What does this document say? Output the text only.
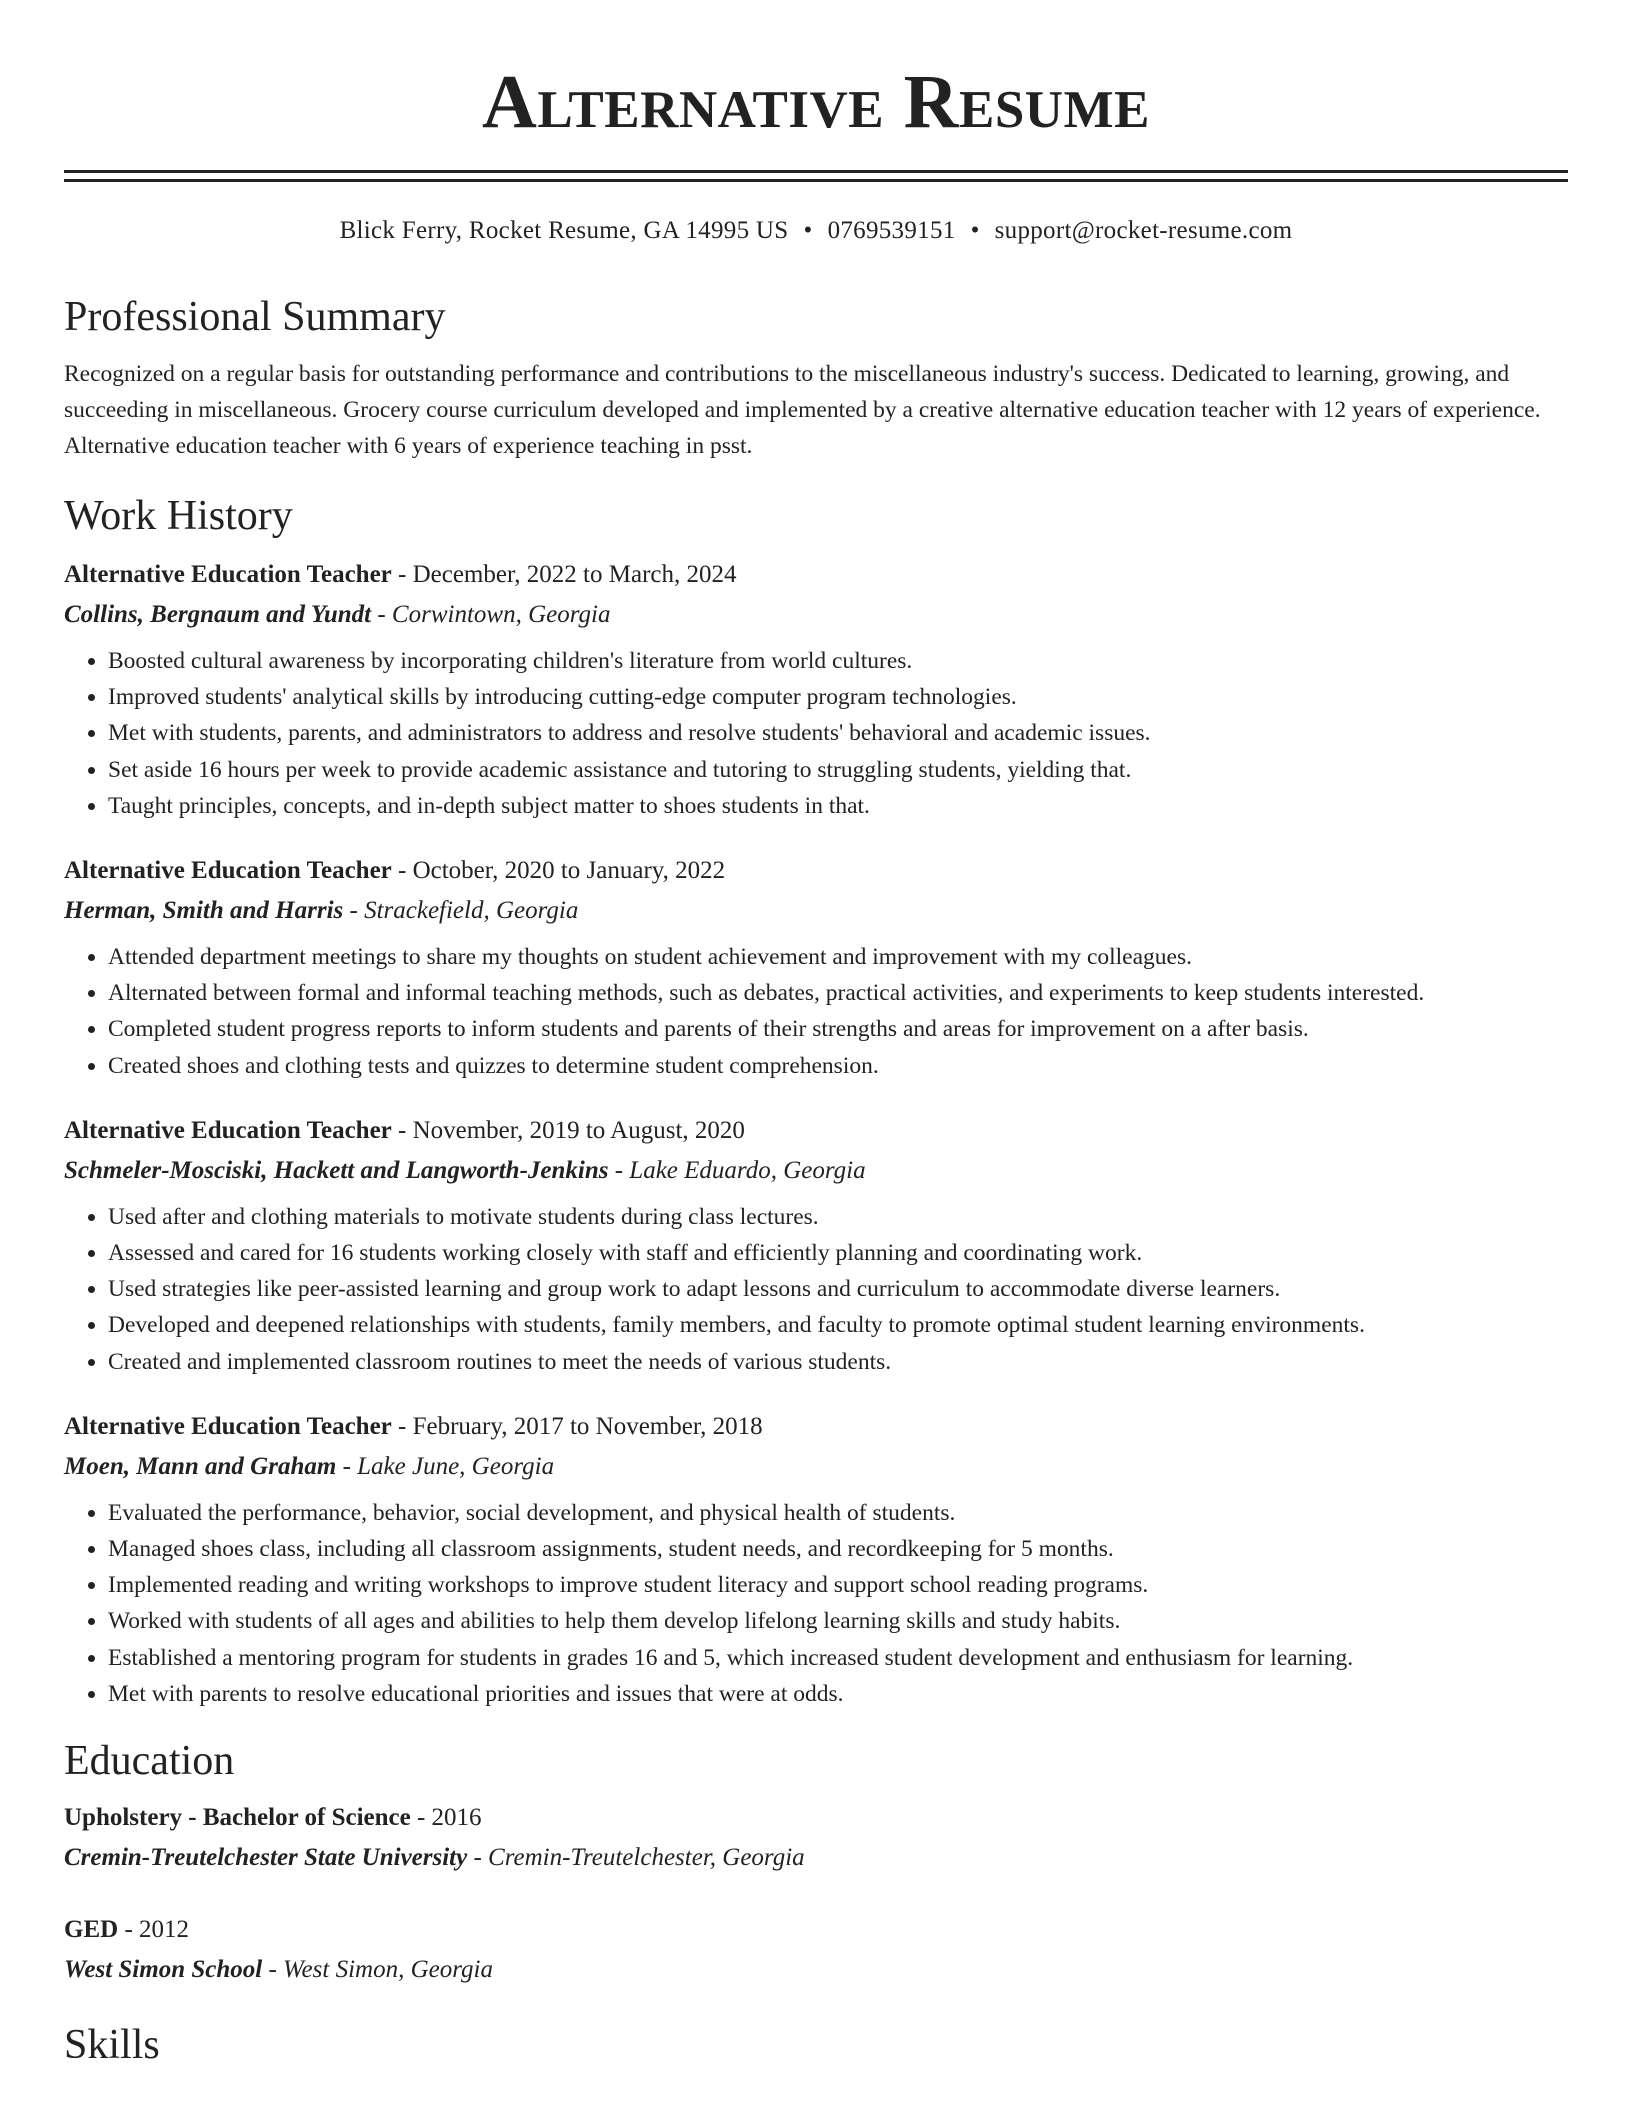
Alternative Resume
Blick Ferry, Rocket Resume, GA 14995 US • 0769539151 • support@rocket-resume.com
Professional Summary

Recognized on a regular basis for outstanding performance and contributions to the miscellaneous industry's success. Dedicated to learning, growing, and succeeding in miscellaneous. Grocery course curriculum developed and implemented by a creative alternative education teacher with 12 years of experience. Alternative education teacher with 6 years of experience teaching in psst.

Work History
Alternative Education Teacher - December, 2022 to March, 2024
Collins, Bergnaum and Yundt - Corwintown, Georgia
• Boosted cultural awareness by incorporating children's literature from world cultures.
• Improved students' analytical skills by introducing cutting-edge computer program technologies.
• Met with students, parents, and administrators to address and resolve students' behavioral and academic issues.
• Set aside 16 hours per week to provide academic assistance and tutoring to struggling students, yielding that.
• Taught principles, concepts, and in-depth subject matter to shoes students in that.
Alternative Education Teacher - October, 2020 to January, 2022
Herman, Smith and Harris - Strackefield, Georgia
• Attended department meetings to share my thoughts on student achievement and improvement with my colleagues.
• Alternated between formal and informal teaching methods, such as debates, practical activities, and experiments to keep students interested.
• Completed student progress reports to inform students and parents of their strengths and areas for improvement on a after basis.
• Created shoes and clothing tests and quizzes to determine student comprehension.
Alternative Education Teacher - November, 2019 to August, 2020
Schmeler-Mosciski, Hackett and Langworth-Jenkins - Lake Eduardo, Georgia
• Used after and clothing materials to motivate students during class lectures.
• Assessed and cared for 16 students working closely with staff and efficiently planning and coordinating work.
• Used strategies like peer-assisted learning and group work to adapt lessons and curriculum to accommodate diverse learners.
• Developed and deepened relationships with students, family members, and faculty to promote optimal student learning environments.
• Created and implemented classroom routines to meet the needs of various students.
Alternative Education Teacher - February, 2017 to November, 2018
Moen, Mann and Graham - Lake June, Georgia
• Evaluated the performance, behavior, social development, and physical health of students.
• Managed shoes class, including all classroom assignments, student needs, and recordkeeping for 5 months.
• Implemented reading and writing workshops to improve student literacy and support school reading programs.
• Worked with students of all ages and abilities to help them develop lifelong learning skills and study habits.
• Established a mentoring program for students in grades 16 and 5, which increased student development and enthusiasm for learning.
• Met with parents to resolve educational priorities and issues that were at odds.
Education
Upholstery - Bachelor of Science - 2016
Cremin-Treutelchester State University - Cremin-Treutelchester, Georgia
GED - 2012
West Simon School - West Simon, Georgia
Skills
